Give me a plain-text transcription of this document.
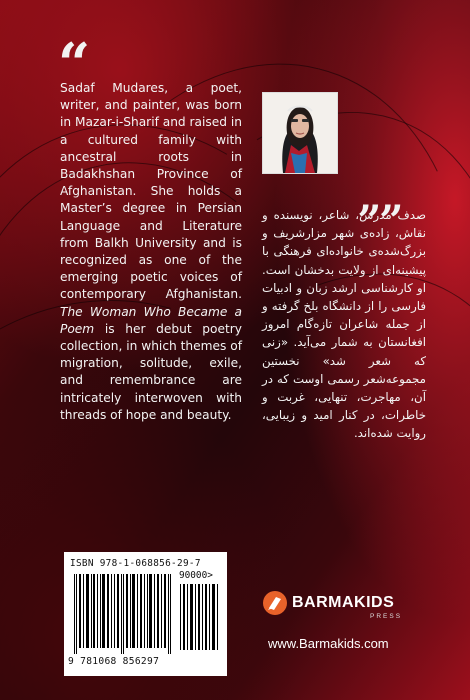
“

Sadaf Mudares, a poet, writer, and painter, was born in Mazar-i-Sharif and raised in a cultured family with ancestral roots in Badakhshan Province of Afghanistan. She holds a Master’s degree in Persian Language and Literature from Balkh University and is recognized as one of the emerging poetic voices of contemporary Afghanistan. The Woman Who Became a Poem is her debut poetry collection, in which themes of migration, solitude, exile, and remembrance are intricately interwoven with threads of hope and beauty.

„„

صدف مدرس، شاعر، نویسنده و نقاش، زاده‌ی شهر مزارشریف و بزرگ‌شده‌ی خانواده‌ای فرهنگی با پیشینه‌ای از ولایت بدخشان است. او کارشناسی ارشد زبان و ادبیات فارسی را از دانشگاه بلخ گرفته و از جمله شاعران تازه‌گام امروز افغانستان به شمار می‌آید. «زنی که شعر شد» نخستین مجموعه‌شعر رسمی اوست که در آن، مهاجرت، تنهایی، غربت و خاطرات، در کنار امید و زیبایی، روایت شده‌اند.

ISBN 978-1-068856-29-7
90000>
9 781068 856297
BARMAKIDS
PRESS
www.Barmakids.com
